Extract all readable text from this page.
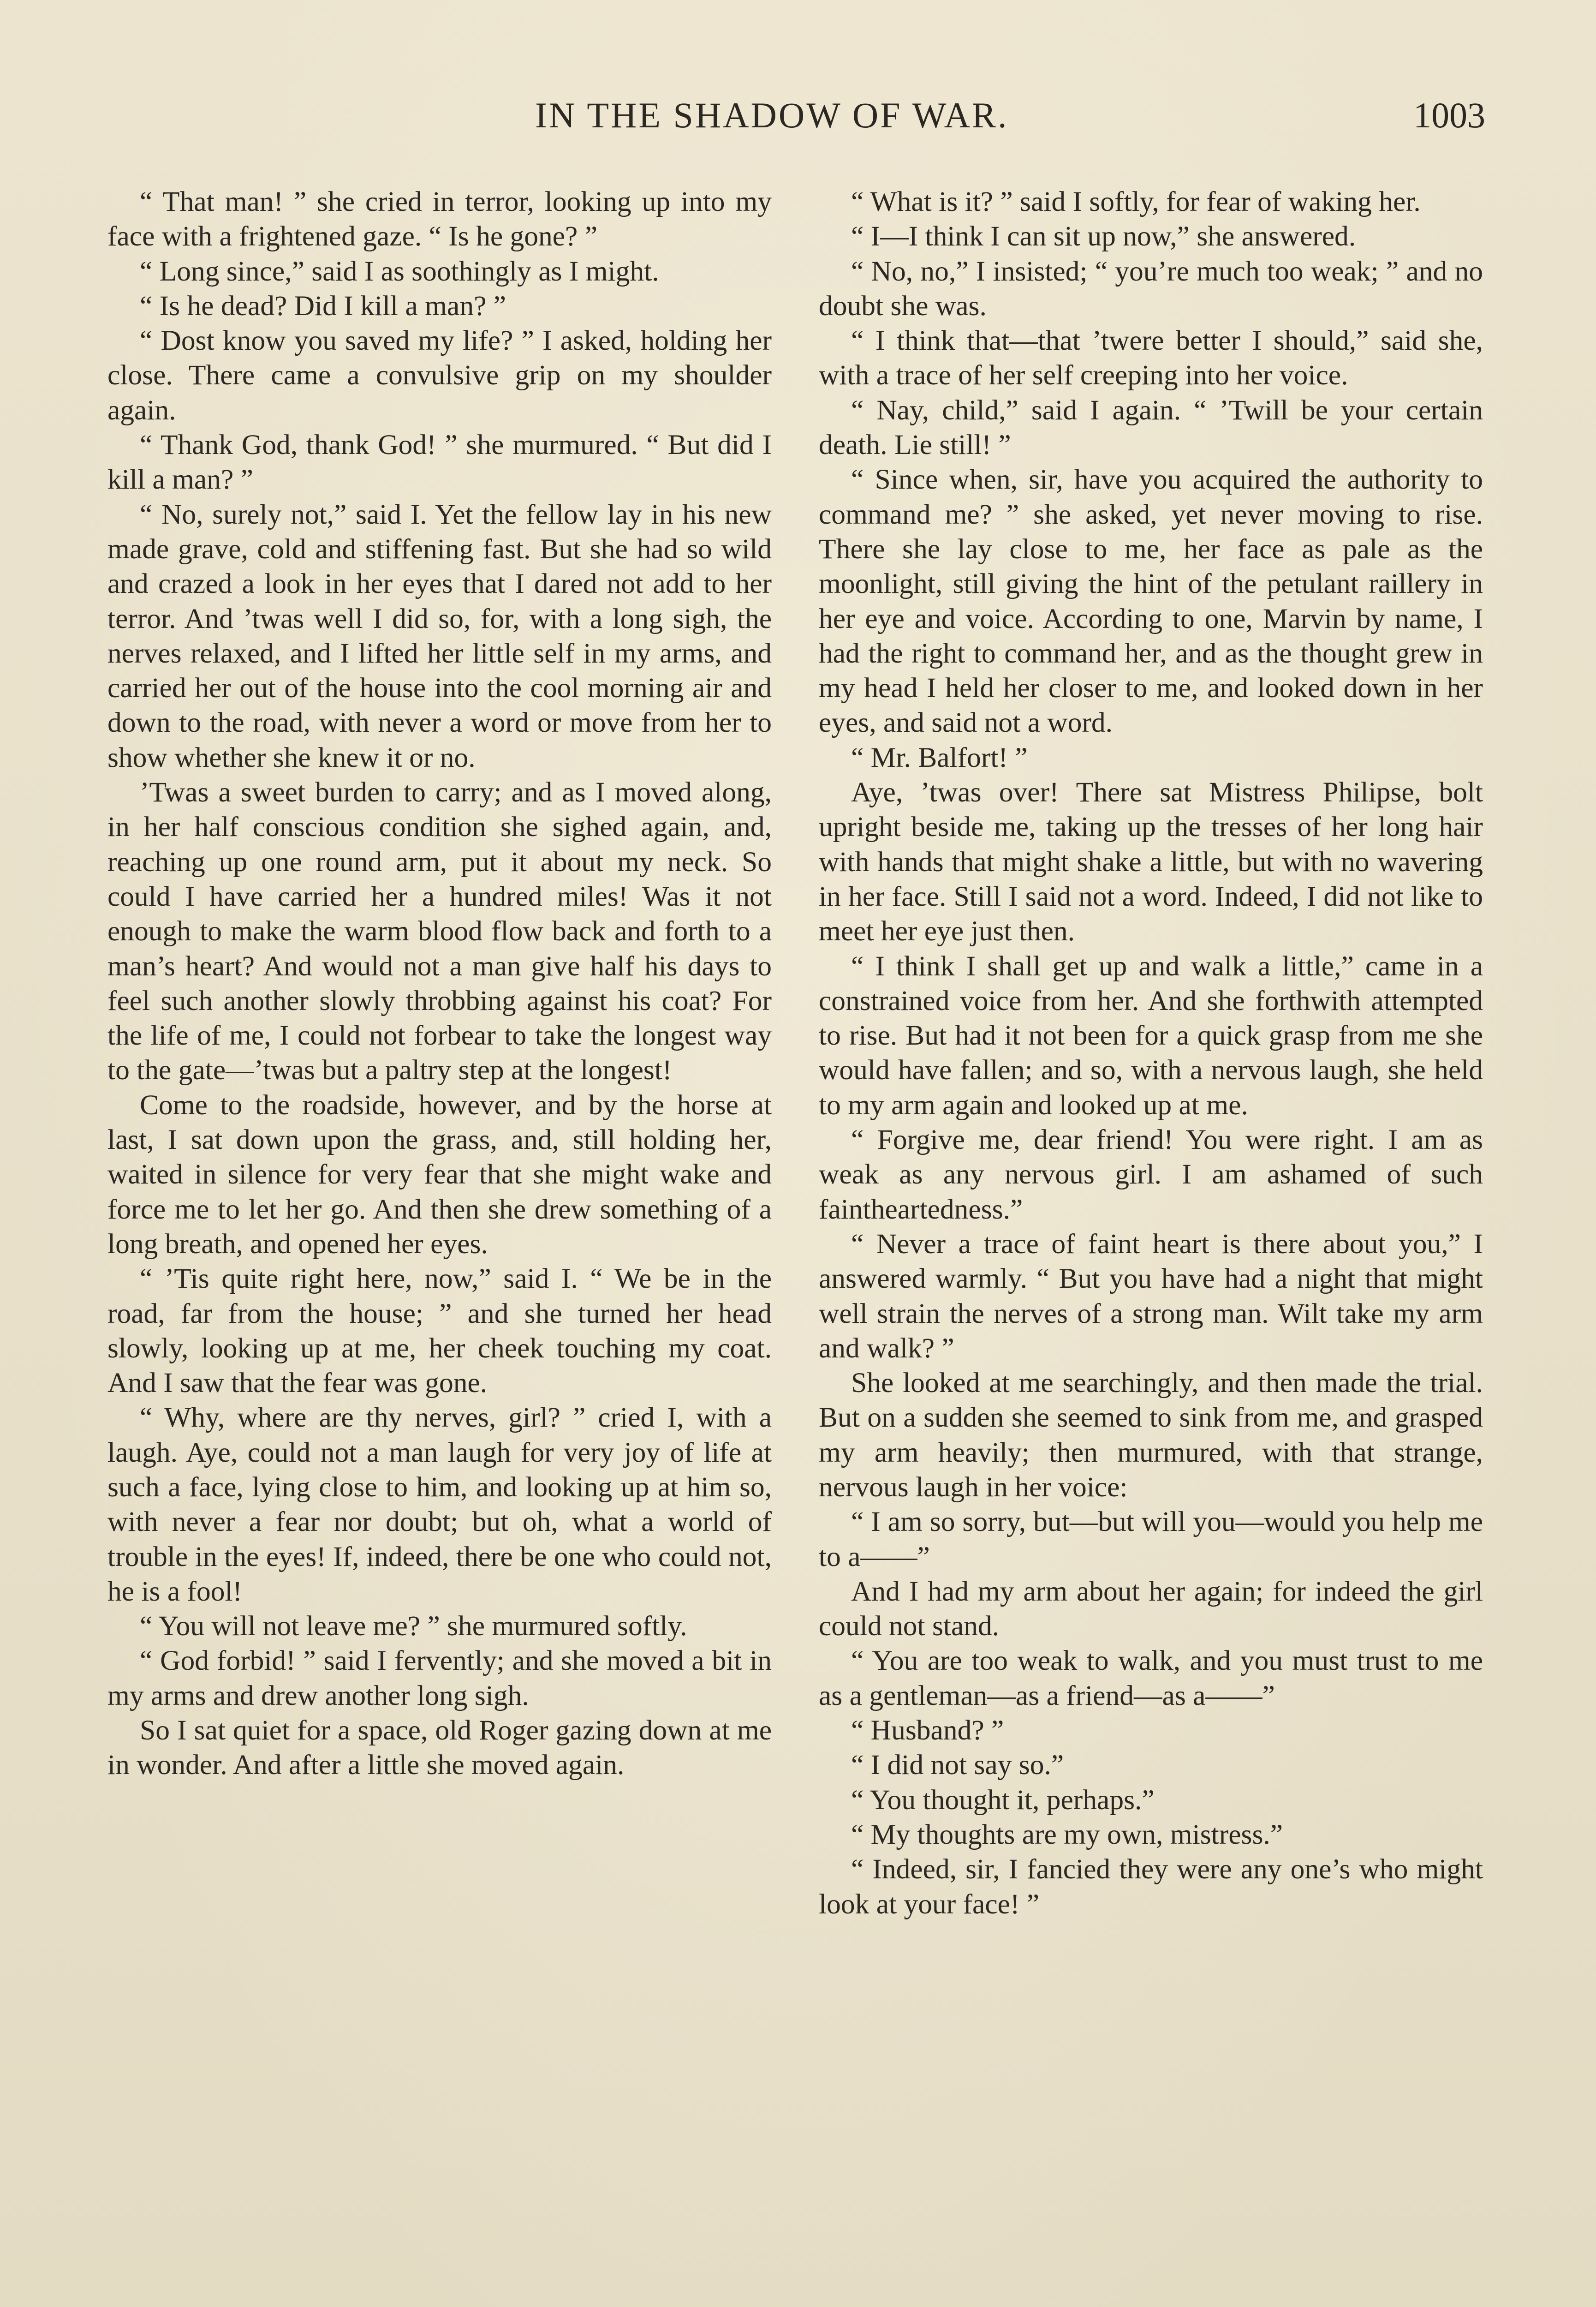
IN THE SHADOW OF WAR.	1003

“ That man! ” she cried in terror, looking up into my face with a frightened gaze. “ Is he gone? ”

“ Long since,” said I as soothingly as I might.

“ Is he dead? Did I kill a man? ”

“ Dost know you saved my life? ” I asked, holding her close. There came a convulsive grip on my shoulder again.

“ Thank God, thank God! ” she murmured. “ But did I kill a man? ”

“ No, surely not,” said I. Yet the fellow lay in his new made grave, cold and stiffening fast. But she had so wild and crazed a look in her eyes that I dared not add to her terror. And ’twas well I did so, for, with a long sigh, the nerves relaxed, and I lifted her little self in my arms, and carried her out of the house into the cool morning air and down to the road, with never a word or move from her to show whether she knew it or no.

’Twas a sweet burden to carry; and as I moved along, in her half conscious condition she sighed again, and, reaching up one round arm, put it about my neck. So could I have carried her a hundred miles! Was it not enough to make the warm blood flow back and forth to a man’s heart? And would not a man give half his days to feel such another slowly throbbing against his coat? For the life of me, I could not forbear to take the longest way to the gate—’twas but a paltry step at the longest!

Come to the roadside, however, and by the horse at last, I sat down upon the grass, and, still holding her, waited in silence for very fear that she might wake and force me to let her go. And then she drew something of a long breath, and opened her eyes.

“ ’Tis quite right here, now,” said I. “ We be in the road, far from the house; ” and she turned her head slowly, looking up at me, her cheek touching my coat. And I saw that the fear was gone.

“ Why, where are thy nerves, girl? ” cried I, with a laugh. Aye, could not a man laugh for very joy of life at such a face, lying close to him, and looking up at him so, with never a fear nor doubt; but oh, what a world of trouble in the eyes! If, indeed, there be one who could not, he is a fool!

“ You will not leave me? ” she murmured softly.

“ God forbid! ” said I fervently; and she moved a bit in my arms and drew another long sigh.

So I sat quiet for a space, old Roger gazing down at me in wonder. And after a little she moved again.

“ What is it? ” said I softly, for fear of waking her.

“ I—I think I can sit up now,” she answered.

“ No, no,” I insisted; “ you’re much too weak; ” and no doubt she was.

“ I think that—that ’twere better I should,” said she, with a trace of her self creeping into her voice.

“ Nay, child,” said I again. “ ’Twill be your certain death. Lie still! ”

“ Since when, sir, have you acquired the authority to command me? ” she asked, yet never moving to rise. There she lay close to me, her face as pale as the moonlight, still giving the hint of the petulant raillery in her eye and voice. According to one, Marvin by name, I had the right to command her, and as the thought grew in my head I held her closer to me, and looked down in her eyes, and said not a word.

“ Mr. Balfort! ”

Aye, ’twas over! There sat Mistress Philipse, bolt upright beside me, taking up the tresses of her long hair with hands that might shake a little, but with no wavering in her face. Still I said not a word. Indeed, I did not like to meet her eye just then.

“ I think I shall get up and walk a little,” came in a constrained voice from her. And she forthwith attempted to rise. But had it not been for a quick grasp from me she would have fallen; and so, with a nervous laugh, she held to my arm again and looked up at me.

“ Forgive me, dear friend! You were right. I am as weak as any nervous girl. I am ashamed of such faintheartedness.”

“ Never a trace of faint heart is there about you,” I answered warmly. “ But you have had a night that might well strain the nerves of a strong man. Wilt take my arm and walk? ”

She looked at me searchingly, and then made the trial. But on a sudden she seemed to sink from me, and grasped my arm heavily; then murmured, with that strange, nervous laugh in her voice:

“ I am so sorry, but—but will you—would you help me to a——”

And I had my arm about her again; for indeed the girl could not stand.

“ You are too weak to walk, and you must trust to me as a gentleman—as a friend—as a——”

“ Husband? ”

“ I did not say so.”

“ You thought it, perhaps.”

“ My thoughts are my own, mistress.”

“ Indeed, sir, I fancied they were any one’s who might look at your face! ”
